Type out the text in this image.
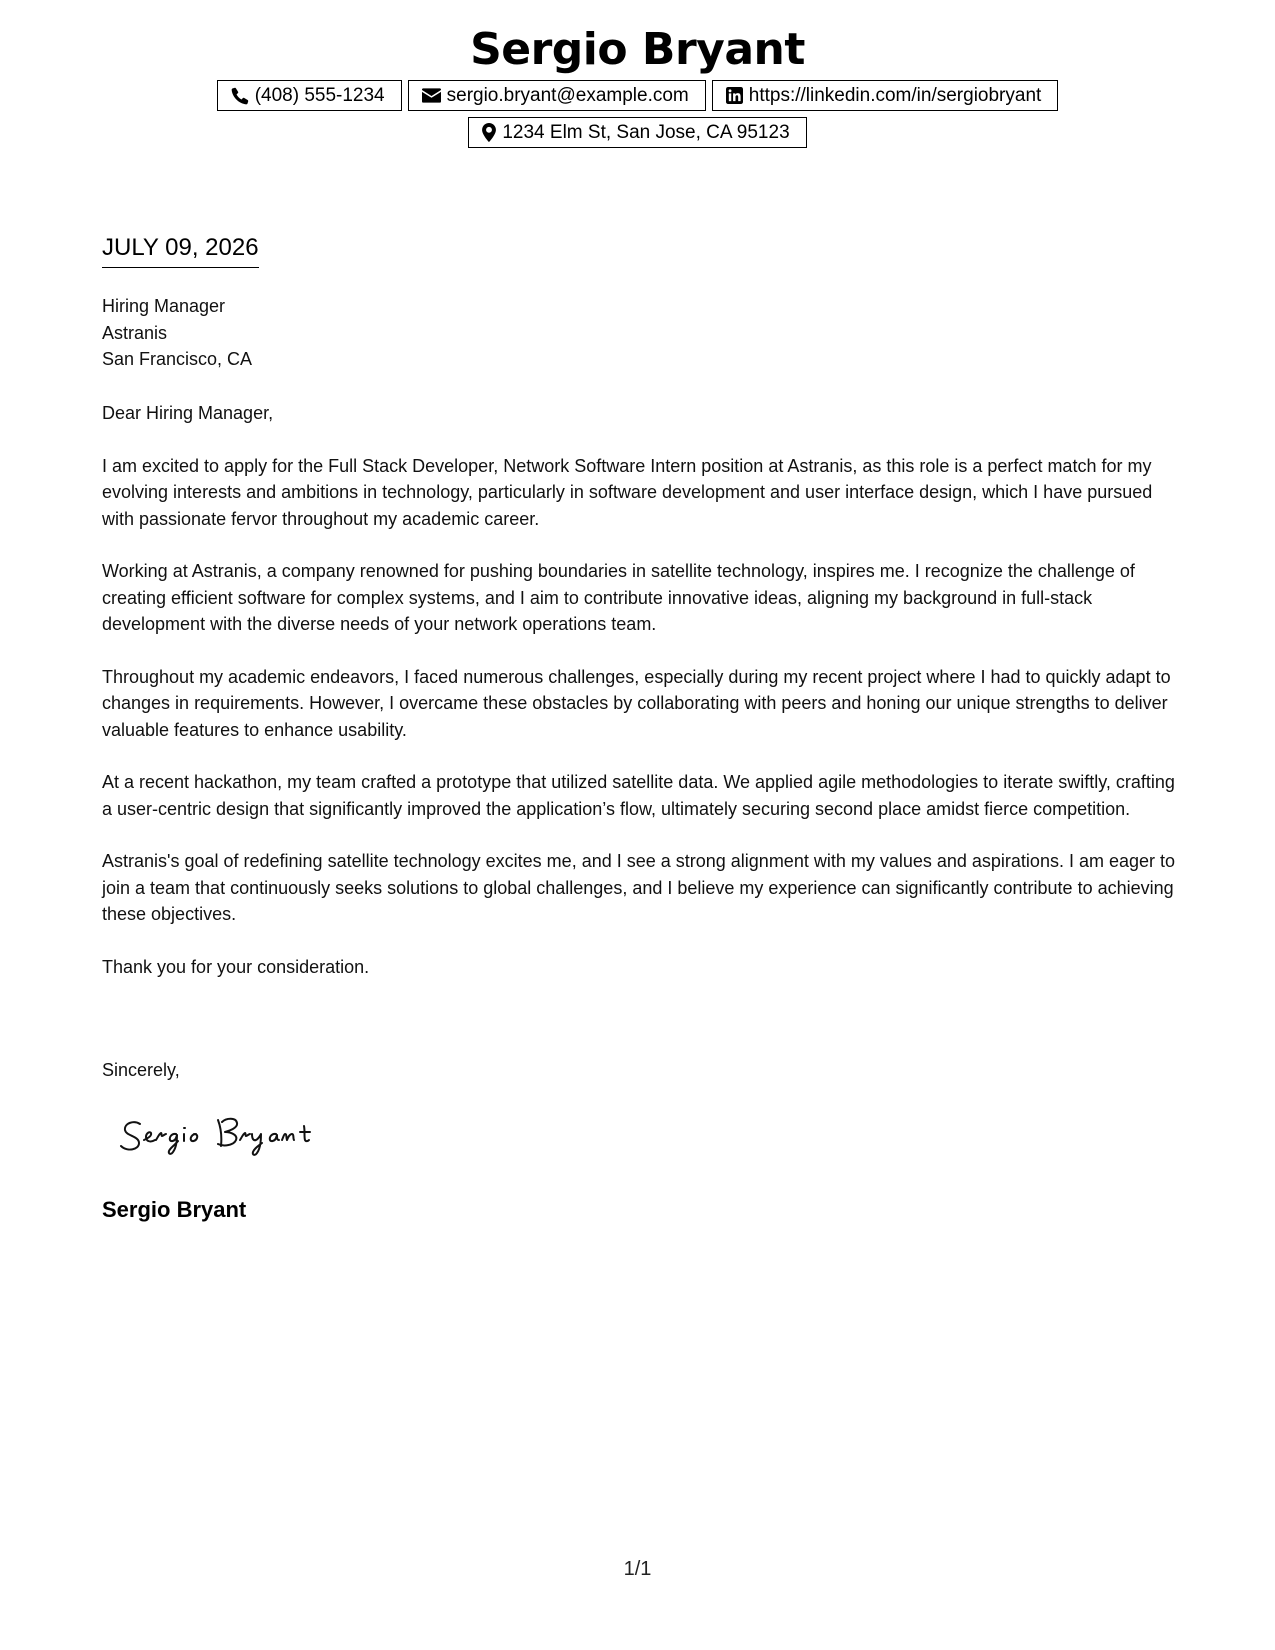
Sergio Bryant
(408) 555-1234	sergio.bryant@example.com	https://linkedin.com/in/sergiobryant
1234 Elm St, San Jose, CA 95123
JULY 09, 2026
Hiring Manager
Astranis
San Francisco, CA

Dear Hiring Manager,

I am excited to apply for the Full Stack Developer, Network Software Intern position at Astranis, as this role is a perfect match for my evolving interests and ambitions in technology, particularly in software development and user interface design, which I have pursued with passionate fervor throughout my academic career.

Working at Astranis, a company renowned for pushing boundaries in satellite technology, inspires me. I recognize the challenge of creating efficient software for complex systems, and I aim to contribute innovative ideas, aligning my background in full-stack development with the diverse needs of your network operations team.

Throughout my academic endeavors, I faced numerous challenges, especially during my recent project where I had to quickly adapt to changes in requirements. However, I overcame these obstacles by collaborating with peers and honing our unique strengths to deliver valuable features to enhance usability.

At a recent hackathon, my team crafted a prototype that utilized satellite data. We applied agile methodologies to iterate swiftly, crafting a user-centric design that significantly improved the application’s flow, ultimately securing second place amidst fierce competition.

Astranis's goal of redefining satellite technology excites me, and I see a strong alignment with my values and aspirations. I am eager to join a team that continuously seeks solutions to global challenges, and I believe my experience can significantly contribute to achieving these objectives.

Thank you for your consideration.

Sincerely,
Sergio Bryant
1/1
